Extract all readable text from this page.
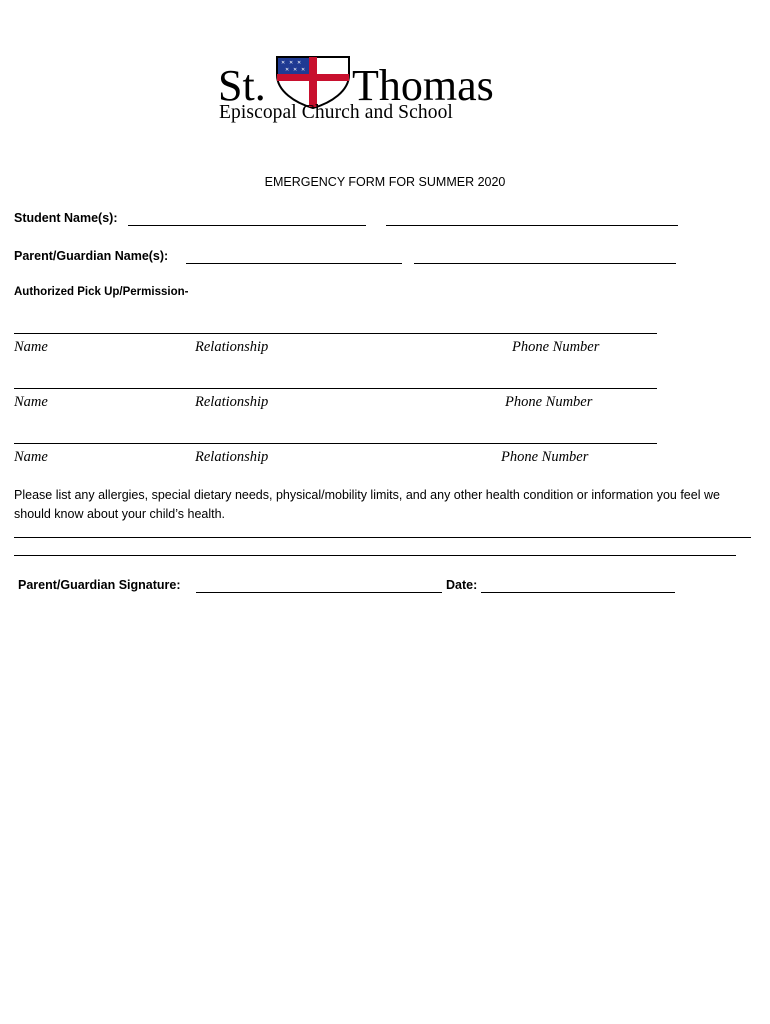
St.	✕ ✕ ✕
✕ ✕ ✕ Thomas
Episcopal Church and School
EMERGENCY FORM FOR SUMMER 2020
Student Name(s):
Parent/Guardian Name(s):
Authorized Pick Up/Permission-
Name	Relationship	Phone Number
Name	Relationship	Phone Number
Name	Relationship	Phone Number
Please list any allergies, special dietary needs, physical/mobility limits, and any other health condition or information you feel we should know about your child’s health.
Parent/Guardian Signature:	Date:
